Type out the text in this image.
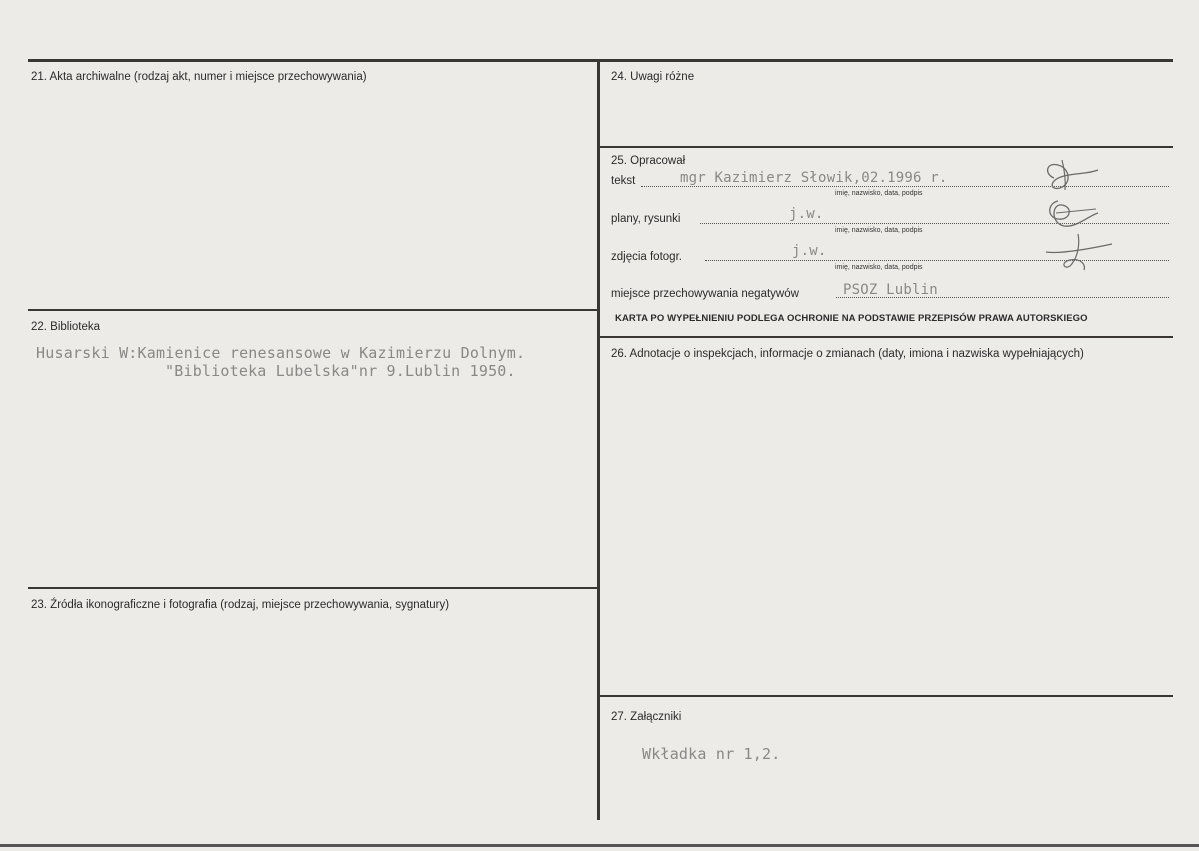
21. Akta archiwalne (rodzaj akt, numer i miejsce przechowywania)
22. Biblioteka
Husarski W:Kamienice renesansowe w Kazimierzu Dolnym.
"Biblioteka Lubelska"nr 9.Lublin 1950.
23. Źródła ikonograficzne i fotografia (rodzaj, miejsce przechowywania, sygnatury)
24. Uwagi różne
25. Opracował
tekst	mgr Kazimierz Słowik,02.1996 r.
imię, nazwisko, data, podpis
plany, rysunki	j.w.
imię, nazwisko, data, podpis
zdjęcia fotogr.	j.w.
imię, nazwisko, data, podpis
miejsce przechowywania negatywów	PSOZ Lublin
KARTA PO WYPEŁNIENIU PODLEGA OCHRONIE NA PODSTAWIE PRZEPISÓW PRAWA AUTORSKIEGO
26. Adnotacje o inspekcjach, informacje o zmianach (daty, imiona i nazwiska wypełniających)
27. Załączniki
Wkładka nr 1,2.
